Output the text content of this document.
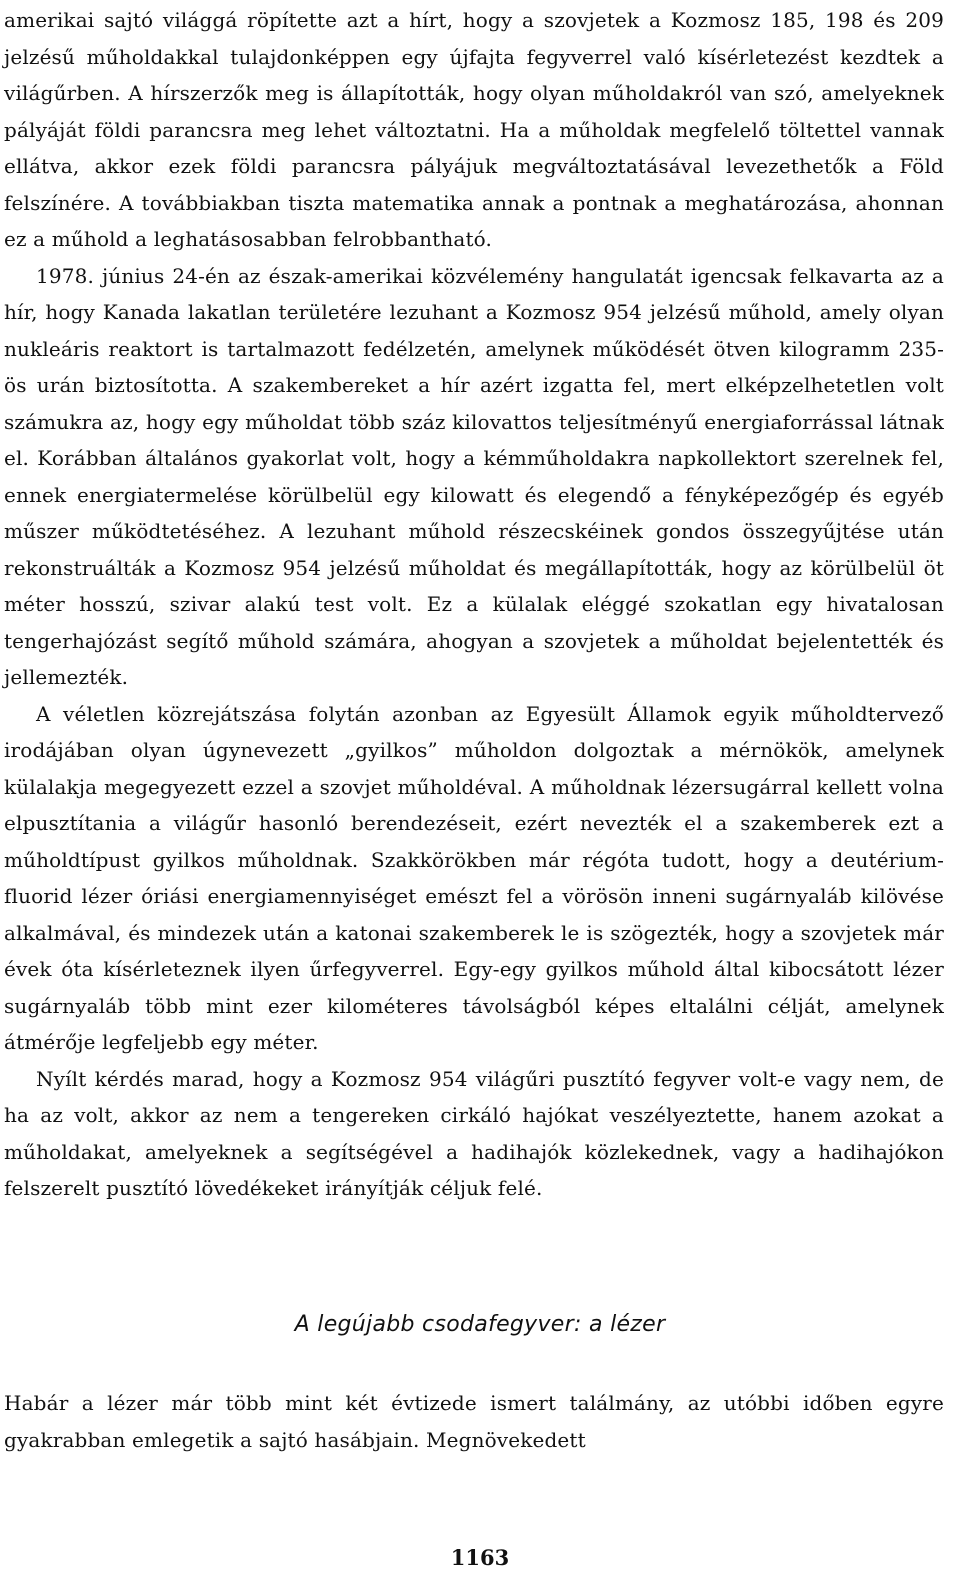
amerikai sajtó világgá röpítette azt a hírt, hogy a szovjetek a Kozmosz 185, 198 és 209 jelzésű műholdakkal tulajdonképpen egy újfajta fegyverrel való kísérletezést kezdtek a világűrben. A hírszerzők meg is állapították, hogy olyan műholdakról van szó, amelyeknek pályáját földi parancsra meg lehet változtatni. Ha a műholdak megfelelő töltettel vannak ellátva, akkor ezek földi parancsra pályájuk megváltoztatásával levezethetők a Föld felszínére. A továbbiakban tiszta matematika annak a pontnak a meghatározása, ahonnan ez a műhold a leghatásosabban felrobbantható.

1978. június 24-én az észak-amerikai közvélemény hangulatát igencsak felkavarta az a hír, hogy Kanada lakatlan területére lezuhant a Kozmosz 954 jelzésű műhold, amely olyan nukleáris reaktort is tartalmazott fedélzetén, amelynek működését ötven kilogramm 235-ös urán biztosította. A szakembereket a hír azért izgatta fel, mert elképzelhetetlen volt számukra az, hogy egy műholdat több száz kilovattos teljesítményű energiaforrással látnak el. Korábban általános gyakorlat volt, hogy a kémműholdakra napkollektort szerelnek fel, ennek energiatermelése körülbelül egy kilowatt és elegendő a fényképezőgép és egyéb műszer működtetéséhez. A lezuhant műhold részecskéinek gondos összegyűjtése után rekonstruálták a Kozmosz 954 jelzésű műholdat és megállapították, hogy az körülbelül öt méter hosszú, szivar alakú test volt. Ez a külalak eléggé szokatlan egy hivatalosan tengerhajózást segítő műhold számára, ahogyan a szovjetek a műholdat bejelentették és jellemezték.

A véletlen közrejátszása folytán azonban az Egyesült Államok egyik műholdtervező irodájában olyan úgynevezett „gyilkos” műholdon dolgoztak a mérnökök, amelynek külalakja megegyezett ezzel a szovjet műholdéval. A műholdnak lézersugárral kellett volna elpusztítania a világűr hasonló berendezéseit, ezért nevezték el a szakemberek ezt a műholdtípust gyilkos műholdnak. Szakkörökben már régóta tudott, hogy a deutérium-fluorid lézer óriási energiamennyiséget emészt fel a vörösön inneni sugárnyaláb kilövése alkalmával, és mindezek után a katonai szakemberek le is szögezték, hogy a szovjetek már évek óta kísérleteznek ilyen űrfegyverrel. Egy-egy gyilkos műhold által kibocsátott lézer sugárnyaláb több mint ezer kilométeres távolságból képes eltalálni célját, amelynek átmérője legfeljebb egy méter.

Nyílt kérdés marad, hogy a Kozmosz 954 világűri pusztító fegyver volt-e vagy nem, de ha az volt, akkor az nem a tengereken cirkáló hajókat veszélyeztette, hanem azokat a műholdakat, amelyeknek a segítségével a hadihajók közlekednek, vagy a hadihajókon felszerelt pusztító lövedékeket irányítják céljuk felé.

A legújabb csodafegyver: a lézer

Habár a lézer már több mint két évtizede ismert találmány, az utóbbi időben egyre gyakrabban emlegetik a sajtó hasábjain. Megnövekedett

1163
